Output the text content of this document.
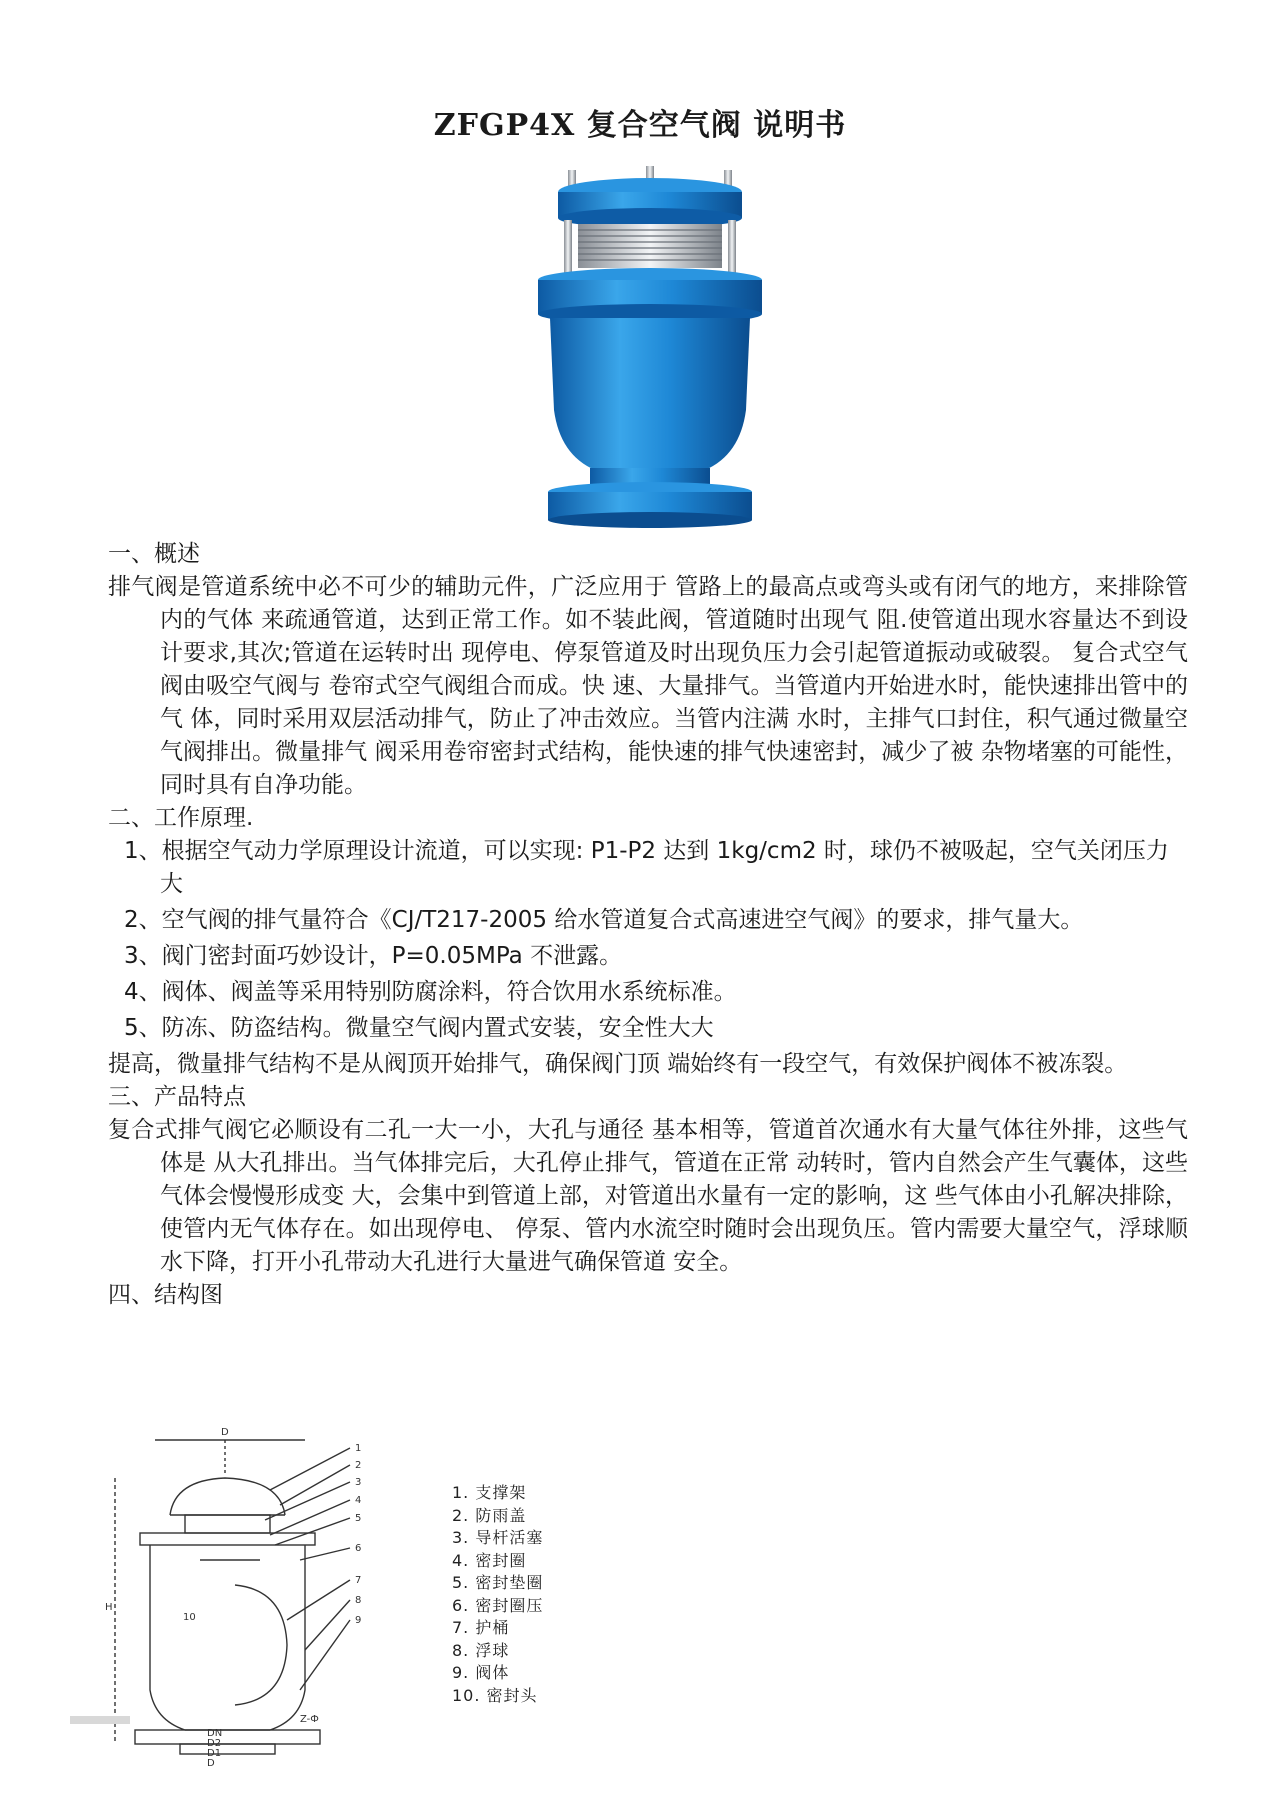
ZFGP4X 复合空气阀 说明书

一、概述

排气阀是管道系统中必不可少的辅助元件，广泛应用于 管路上的最高点或弯头或有闭气的地方，来排除管内的气体 来疏通管道，达到正常工作。如不装此阀，管道随时出现气 阻.使管道出现水容量达不到设计要求,其次;管道在运转时出 现停电、停泵管道及时出现负压力会引起管道振动或破裂。 复合式空气阀由吸空气阀与 卷帘式空气阀组合而成。快 速、大量排气。当管道内开始进水时，能快速排出管中的气 体，同时采用双层活动排气，防止了冲击效应。当管内注满 水时，主排气口封住，积气通过微量空气阀排出。微量排气 阀采用卷帘密封式结构，能快速的排气快速密封，减少了被 杂物堵塞的可能性，同时具有自净功能。

二、工作原理.

1、根据空气动力学原理设计流道，可以实现: P1-P2 达到 1kg/cm2 时，球仍不被吸起，空气关闭压力大

2、空气阀的排气量符合《CJ/T217-2005 给水管道复合式高速进空气阀》的要求，排气量大。

3、阀门密封面巧妙设计，P=0.05MPa 不泄露。

4、阀体、阀盖等采用特别防腐涂料，符合饮用水系统标准。

5、防冻、防盗结构。微量空气阀内置式安装，安全性大大

提高，微量排气结构不是从阀顶开始排气，确保阀门顶 端始终有一段空气，有效保护阀体不被冻裂。

三、产品特点

复合式排气阀它必顺设有二孔一大一小，大孔与通径 基本相等，管道首次通水有大量气体往外排，这些气体是 从大孔排出。当气体排完后，大孔停止排气，管道在正常 动转时，管内自然会产生气囊体，这些气体会慢慢形成变 大，会集中到管道上部，对管道出水量有一定的影响，这 些气体由小孔解决排除，使管内无气体存在。如出现停电、 停泵、管内水流空时随时会出现负压。管内需要大量空气，浮球顺水下降，打开小孔带动大孔进行大量进气确保管道 安全。

四、结构图

D
H
10
Z-Ф
DN
D2
D1
D
1
2
3
4
5
6
7
8
9
1. 支撑架
2. 防雨盖
3. 导杆活塞
4. 密封圈
5. 密封垫圈
6. 密封圈压
7. 护桶
8. 浮球
9. 阀体
10. 密封头
